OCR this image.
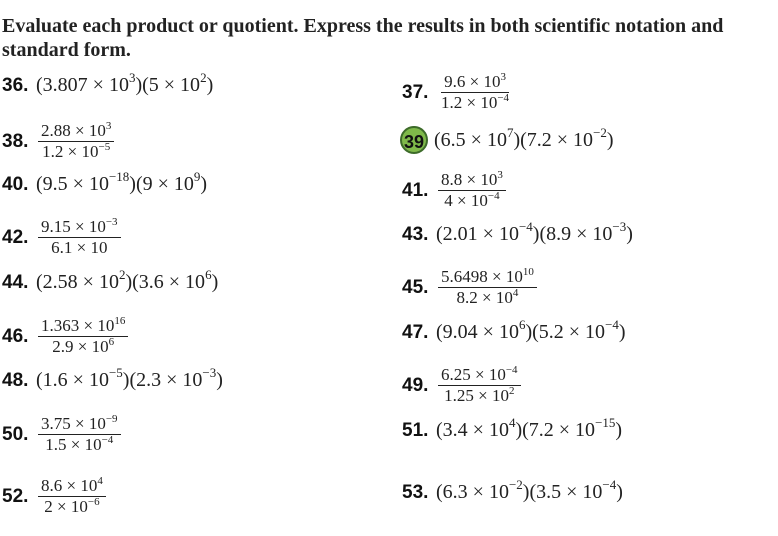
Evaluate each product or quotient. Express the results in both scientific notation and standard form.
36. $(3.807 \times 10^3)(5 \times 10^2)$	37. $\frac{9.6 \times 10^3}{1.2 \times 10^{-4}}$
38. $\frac{2.88 \times 10^3}{1.2 \times 10^{-5}}$	39 $(6.5 \times 10^7)(7.2 \times 10^{-2})$
40. $(9.5 \times 10^{-18})(9 \times 10^9)$	41. $\frac{8.8 \times 10^3}{4 \times 10^{-4}}$
42. $\frac{9.15 \times 10^{-3}}{6.1 \times 10}$	43. $(2.01 \times 10^{-4})(8.9 \times 10^{-3})$
44. $(2.58 \times 10^2)(3.6 \times 10^6)$	45. $\frac{5.6498 \times 10^{10}}{8.2 \times 10^4}$
46. $\frac{1.363 \times 10^{16}}{2.9 \times 10^6}$	47. $(9.04 \times 10^6)(5.2 \times 10^{-4})$
48. $(1.6 \times 10^{-5})(2.3 \times 10^{-3})$	49. $\frac{6.25 \times 10^{-4}}{1.25 \times 10^2}$
50. $\frac{3.75 \times 10^{-9}}{1.5 \times 10^{-4}}$	51. $(3.4 \times 10^4)(7.2 \times 10^{-15})$
52. $\frac{8.6 \times 10^4}{2 \times 10^{-6}}$	53. $(6.3 \times 10^{-2})(3.5 \times 10^{-4})$
